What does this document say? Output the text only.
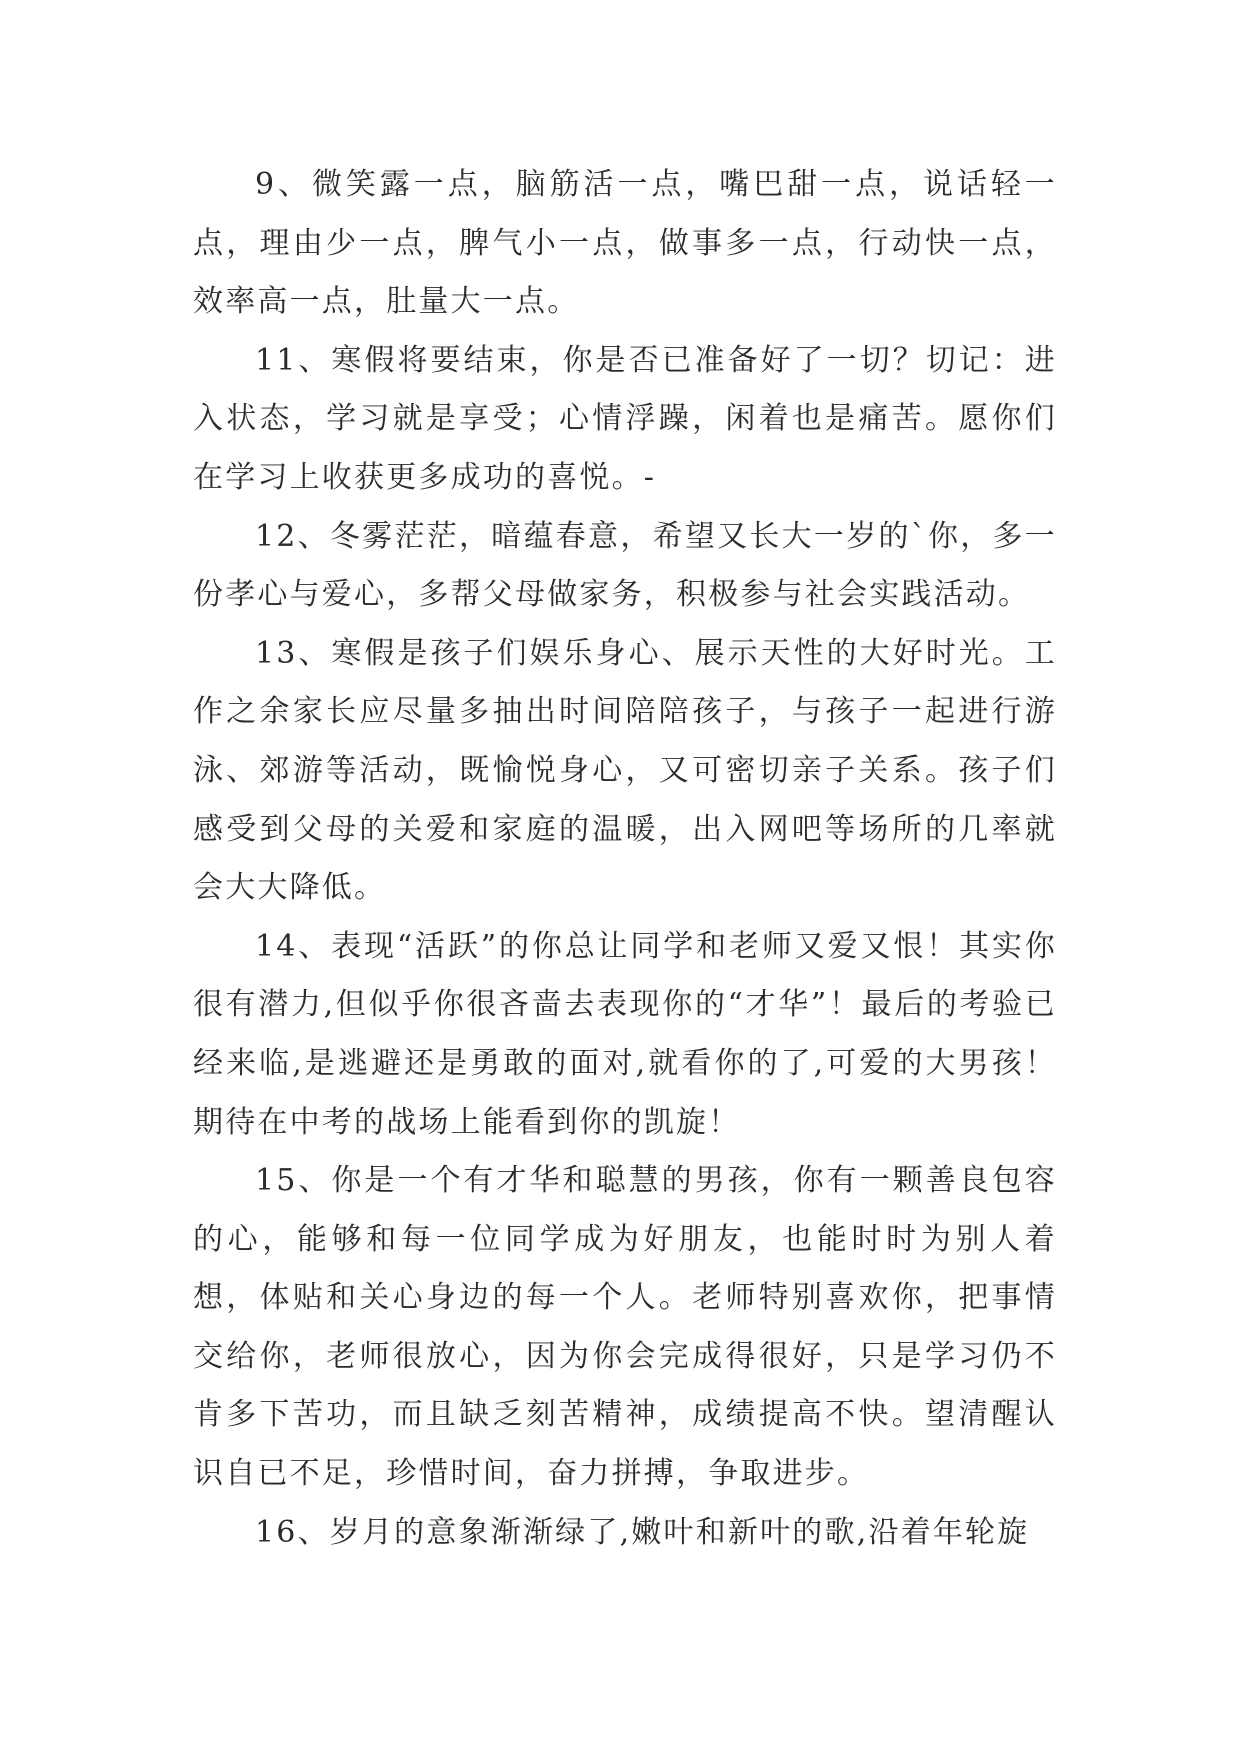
9、微笑露一点，脑筋活一点，嘴巴甜一点，说话轻一点，理由少一点，脾气小一点，做事多一点，行动快一点，效率高一点，肚量大一点。

11、寒假将要结束，你是否已准备好了一切？切记：进入状态，学习就是享受；心情浮躁，闲着也是痛苦。愿你们在学习上收获更多成功的喜悦。-

12、冬雾茫茫，暗蕴春意，希望又长大一岁的`你，多一份孝心与爱心，多帮父母做家务，积极参与社会实践活动。

13、寒假是孩子们娱乐身心、展示天性的大好时光。工作之余家长应尽量多抽出时间陪陪孩子，与孩子一起进行游泳、郊游等活动，既愉悦身心，又可密切亲子关系。孩子们感受到父母的关爱和家庭的温暖，出入网吧等场所的几率就会大大降低。

14、表现“活跃”的你总让同学和老师又爱又恨！其实你很有潜力,但似乎你很吝啬去表现你的“才华”！最后的考验已经来临,是逃避还是勇敢的面对,就看你的了,可爱的大男孩！期待在中考的战场上能看到你的凯旋！

15、你是一个有才华和聪慧的男孩，你有一颗善良包容的心，能够和每一位同学成为好朋友，也能时时为别人着想，体贴和关心身边的每一个人。老师特别喜欢你，把事情交给你，老师很放心，因为你会完成得很好，只是学习仍不肯多下苦功，而且缺乏刻苦精神，成绩提高不快。望清醒认识自已不足，珍惜时间，奋力拼搏，争取进步。

16、岁月的意象渐渐绿了,嫩叶和新叶的歌,沿着年轮旋
